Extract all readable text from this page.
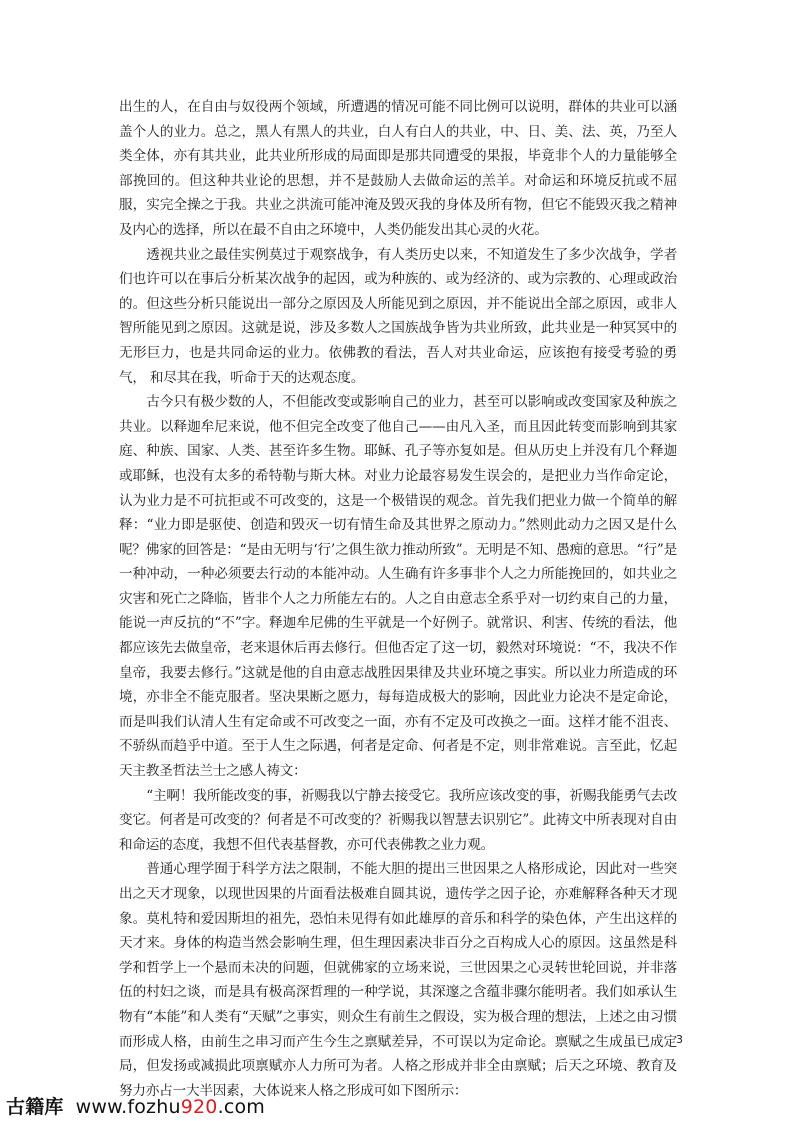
出生的人，在自由与奴役两个领域，所遭遇的情况可能不同比例可以说明，群体的共业可以涵盖个人的业力。总之，黑人有黑人的共业，白人有白人的共业，中、日、美、法、英，乃至人类全体，亦有其共业，此共业所形成的局面即是那共同遭受的果报，毕竟非个人的力量能够全部挽回的。但这种共业论的思想，并不是鼓励人去做命运的羔羊。对命运和环境反抗或不屈服，实完全操之于我。共业之洪流可能冲淹及毁灭我的身体及所有物，但它不能毁灭我之精神及内心的选择，所以在最不自由之环境中，人类仍能发出其心灵的火花。

透视共业之最佳实例莫过于观察战争，有人类历史以来，不知道发生了多少次战争，学者们也许可以在事后分析某次战争的起因，或为种族的、或为经济的、或为宗教的、心理或政治的。但这些分析只能说出一部分之原因及人所能见到之原因，并不能说出全部之原因，或非人智所能见到之原因。这就是说，涉及多数人之国族战争皆为共业所致，此共业是一种冥冥中的无形巨力，也是共同命运的业力。依佛教的看法，吾人对共业命运，应该抱有接受考验的勇气， 和尽其在我，听命于天的达观态度。

古今只有极少数的人，不但能改变或影响自己的业力，甚至可以影响或改变国家及种族之共业。以释迦牟尼来说，他不但完全改变了他自己——由凡入圣，而且因此转变而影响到其家庭、种族、国家、人类、甚至许多生物。耶稣、孔子等亦复如是。但从历史上并没有几个释迦或耶稣，也没有太多的希特勒与斯大林。对业力论最容易发生误会的，是把业力当作命定论，认为业力是不可抗拒或不可改变的，这是一个极错误的观念。首先我们把业力做一个简单的解释：“业力即是驱使、创造和毁灭一切有情生命及其世界之原动力。”然则此动力之因又是什么呢？佛家的回答是：“是由无明与‘行’之俱生欲力推动所致”。无明是不知、愚痴的意思。“行”是一种冲动，一种必须要去行动的本能冲动。人生确有许多事非个人之力所能挽回的，如共业之灾害和死亡之降临，皆非个人之力所能左右的。人之自由意志全系乎对一切约束自己的力量，能说一声反抗的“不”字。释迦牟尼佛的生平就是一个好例子。就常识、利害、传统的看法，他都应该先去做皇帝，老来退休后再去修行。但他否定了这一切，毅然对环境说：“不，我决不作皇帝，我要去修行。”这就是他的自由意志战胜因果律及共业环境之事实。所以业力所造成的环境，亦非全不能克服者。坚决果断之愿力，每每造成极大的影响，因此业力论决不是定命论，而是叫我们认清人生有定命或不可改变之一面，亦有不定及可改换之一面。这样才能不沮丧、不骄纵而趋乎中道。至于人生之际遇，何者是定命、何者是不定，则非常难说。言至此，忆起天主教圣哲法兰士之感人祷文：

“主啊！我所能改变的事，祈赐我以宁静去接受它。我所应该改变的事，祈赐我能勇气去改变它。何者是可改变的？何者是不可改变的？祈赐我以智慧去识别它”。此祷文中所表现对自由和命运的态度，我想不但代表基督教，亦可代表佛教之业力观。

普通心理学囿于科学方法之限制，不能大胆的提出三世因果之人格形成论，因此对一些突出之天才现象，以现世因果的片面看法极难自圆其说，遗传学之因子论，亦难解释各种天才现象。莫札特和爱因斯坦的祖先，恐怕未见得有如此雄厚的音乐和科学的染色体，产生出这样的天才来。身体的构造当然会影响生理，但生理因素决非百分之百构成人心的原因。这虽然是科学和哲学上一个悬而未决的问题，但就佛家的立场来说，三世因果之心灵转世轮回说，并非落伍的村妇之谈，而是具有极高深哲理的一种学说，其深邃之含蕴非骤尔能明者。我们如承认生物有“本能”和人类有“天赋”之事实，则众生有前生之假设，实为极合理的想法，上述之由习惯而形成人格，由前生之串习而产生今生之禀赋差异，不可误以为定命论。禀赋之生成虽已成定局，但发扬或减损此项禀赋亦人力所可为者。人格之形成并非全由禀赋；后天之环境、教育及努力亦占一大半因素，大体说来人格之形成可如下图所示：

3
古籍库 www.fozhu920.com
